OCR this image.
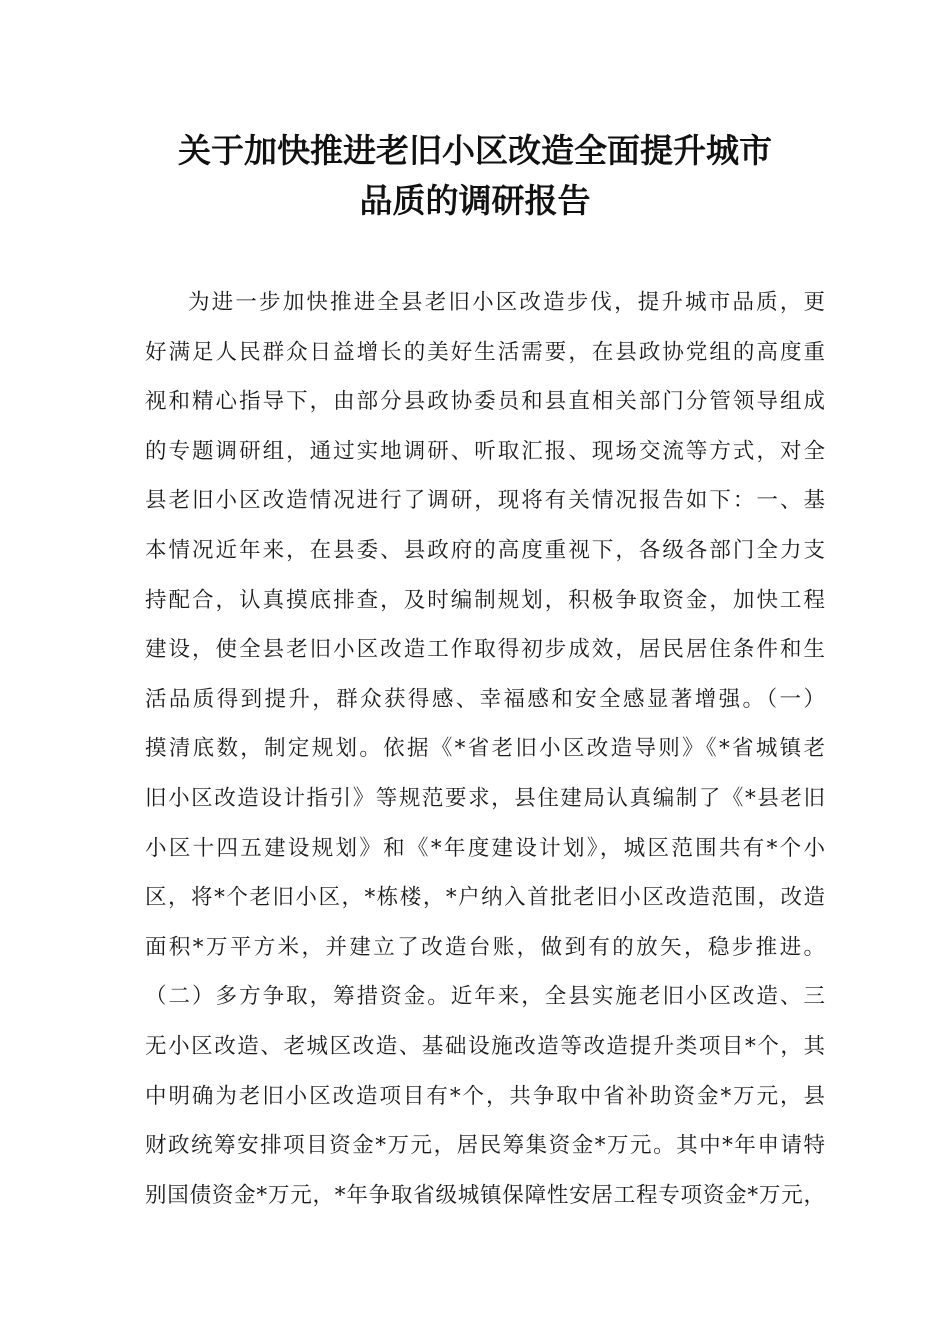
关于加快推进老旧小区改造全面提升城市
品质的调研报告
为进一步加快推进全县老旧小区改造步伐，提升城市品质，更
好满足人民群众日益增长的美好生活需要，在县政协党组的高度重
视和精心指导下，由部分县政协委员和县直相关部门分管领导组成
的专题调研组，通过实地调研、听取汇报、现场交流等方式，对全
县老旧小区改造情况进行了调研，现将有关情况报告如下：一、基
本情况近年来，在县委、县政府的高度重视下，各级各部门全力支
持配合，认真摸底排查，及时编制规划，积极争取资金，加快工程
建设，使全县老旧小区改造工作取得初步成效，居民居住条件和生
活品质得到提升，群众获得感、幸福感和安全感显著增强。（一）
摸清底数，制定规划。依据《*省老旧小区改造导则》《*省城镇老
旧小区改造设计指引》等规范要求，县住建局认真编制了《*县老旧
小区十四五建设规划》和《*年度建设计划》，城区范围共有*个小
区，将*个老旧小区，*栋楼，*户纳入首批老旧小区改造范围，改造
面积*万平方米，并建立了改造台账，做到有的放矢，稳步推进。
（二）多方争取，筹措资金。近年来，全县实施老旧小区改造、三
无小区改造、老城区改造、基础设施改造等改造提升类项目*个，其
中明确为老旧小区改造项目有*个，共争取中省补助资金*万元，县
财政统筹安排项目资金*万元，居民筹集资金*万元。其中*年申请特
别国债资金*万元，*年争取省级城镇保障性安居工程专项资金*万元，
